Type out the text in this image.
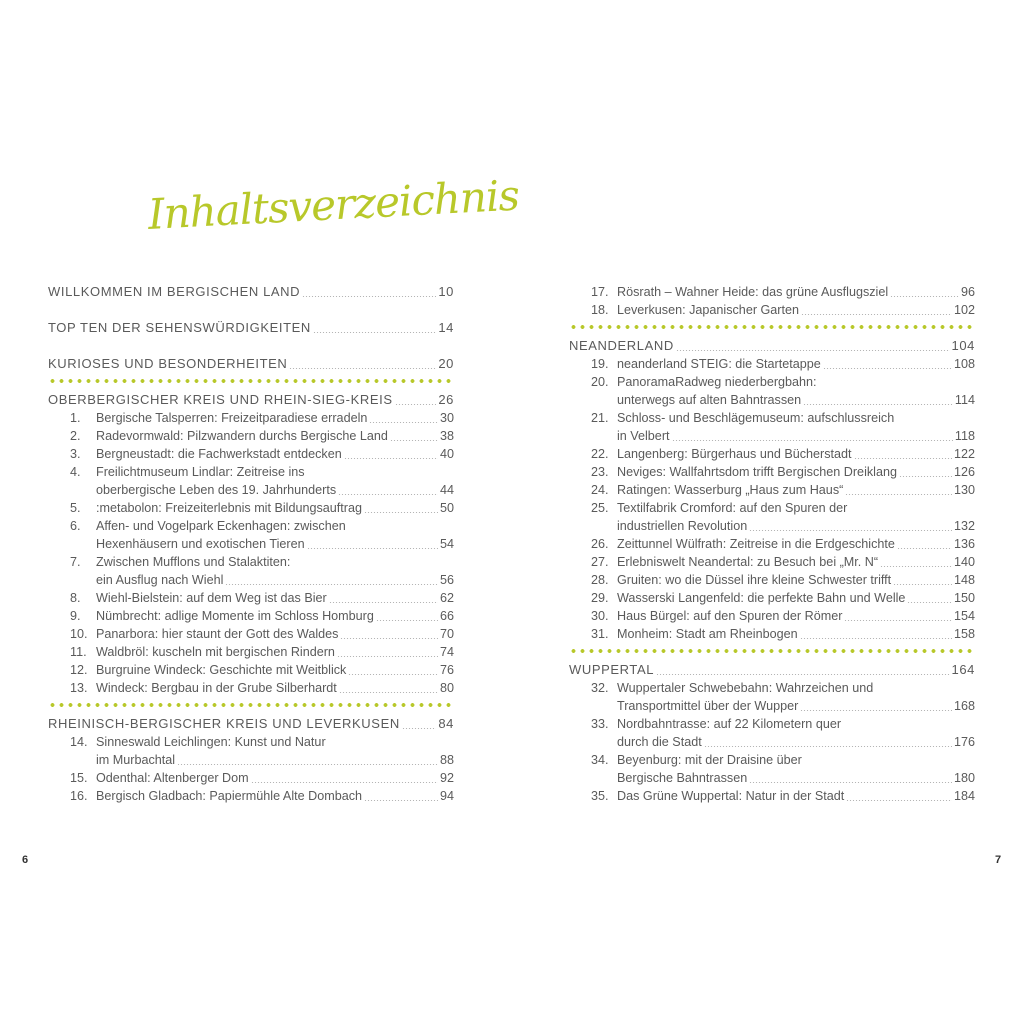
Inhaltsverzeichnis
WILLKOMMEN IM BERGISCHEN LAND	10
TOP TEN DER SEHENSWÜRDIGKEITEN	14
KURIOSES UND BESONDERHEITEN	20
OBERBERGISCHER KREIS UND RHEIN-SIEG-KREIS	26
1.	Bergische Talsperren: Freizeitparadiese erradeln	30
2.	Radevormwald: Pilzwandern durchs Bergische Land	38
3.	Bergneustadt: die Fachwerkstadt entdecken	40
4.	Freilichtmuseum Lindlar: Zeitreise ins
oberbergische Leben des 19. Jahrhunderts	44
5.	:metabolon: Freizeiterlebnis mit Bildungsauftrag	50
6.	Affen- und Vogelpark Eckenhagen: zwischen
Hexenhäusern und exotischen Tieren	54
7.	Zwischen Mufflons und Stalaktiten:
ein Ausflug nach Wiehl	56
8.	Wiehl-Bielstein: auf dem Weg ist das Bier	62
9.	Nümbrecht: adlige Momente im Schloss Homburg	66
10. Panarbora: hier staunt der Gott des Waldes	70
11. Waldbröl: kuscheln mit bergischen Rindern	74
12. Burgruine Windeck: Geschichte mit Weitblick	76
13. Windeck: Bergbau in der Grube Silberhardt	80
RHEINISCH-BERGISCHER KREIS UND LEVERKUSEN	84
14. Sinneswald Leichlingen: Kunst und Natur
im Murbachtal	88
15. Odenthal: Altenberger Dom	92
16. Bergisch Gladbach: Papiermühle Alte Dombach	94
17. Rösrath – Wahner Heide: das grüne Ausflugsziel	96
18. Leverkusen: Japanischer Garten	102
NEANDERLAND	104
19. neanderland STEIG: die Startetappe	108
20. PanoramaRadweg niederbergbahn:
unterwegs auf alten Bahntrassen	114
21. Schloss- und Beschlägemuseum: aufschlussreich
in Velbert	118
22. Langenberg: Bürgerhaus und Bücherstadt	122
23. Neviges: Wallfahrtsdom trifft Bergischen Dreiklang	126
24. Ratingen: Wasserburg „Haus zum Haus“	130
25. Textilfabrik Cromford: auf den Spuren der
industriellen Revolution	132
26. Zeittunnel Wülfrath: Zeitreise in die Erdgeschichte	136
27. Erlebniswelt Neandertal: zu Besuch bei „Mr. N“	140
28. Gruiten: wo die Düssel ihre kleine Schwester trifft	148
29. Wasserski Langenfeld: die perfekte Bahn und Welle	150
30. Haus Bürgel: auf den Spuren der Römer	154
31. Monheim: Stadt am Rheinbogen	158
WUPPERTAL	164
32. Wuppertaler Schwebebahn: Wahrzeichen und
Transportmittel über der Wupper	168
33. Nordbahntrasse: auf 22 Kilometern quer
durch die Stadt	176
34. Beyenburg: mit der Draisine über
Bergische Bahntrassen	180
35. Das Grüne Wuppertal: Natur in der Stadt	184
6	7
